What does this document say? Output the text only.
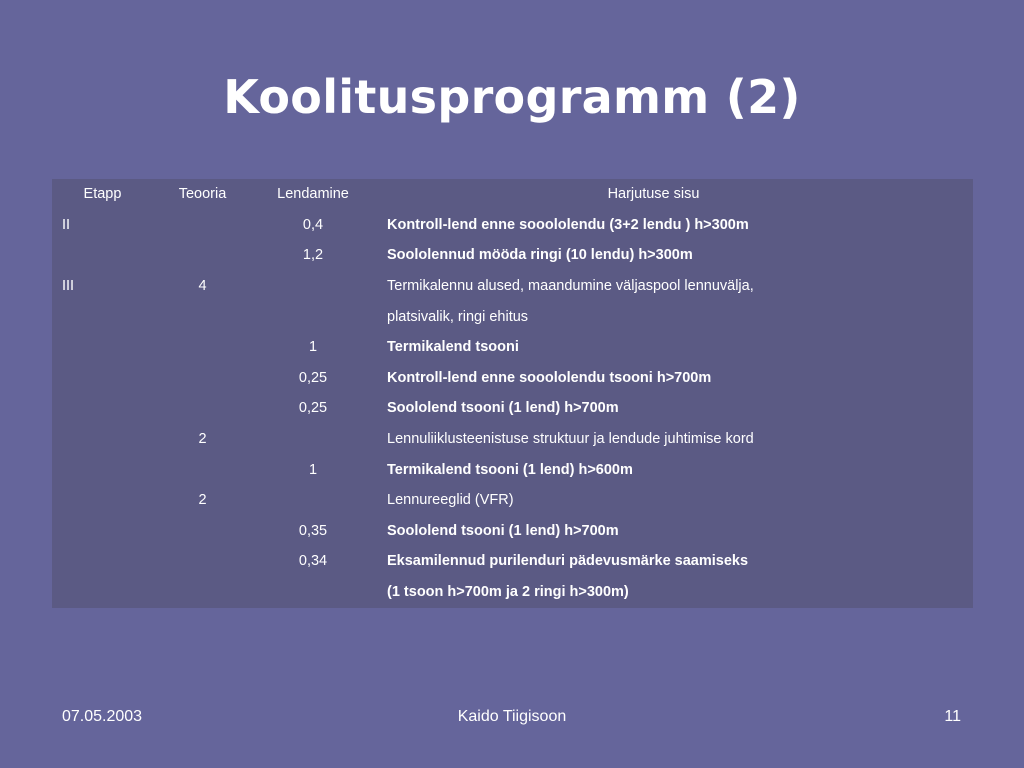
Koolitusprogramm (2)
Etapp	Teooria	Lendamine	Harjutuse sisu
II		0,4	Kontroll-lend enne sooololendu (3+2 lendu ) h>300m
		1,2	Soololennud mööda ringi (10 lendu) h>300m
III	4		Termikalennu alused, maandumine väljaspool lennuvälja,
			platsivalik, ringi ehitus
		1	Termikalend tsooni
		0,25	Kontroll-lend enne sooololendu tsooni h>700m
		0,25	Soololend tsooni (1 lend) h>700m
	2		Lennuliiklusteenistuse struktuur ja lendude juhtimise kord
		1	Termikalend tsooni (1 lend) h>600m
	2		Lennureeglid (VFR)
		0,35	Soololend tsooni (1 lend) h>700m
		0,34	Eksamilennud purilenduri pädevusmärke saamiseks
			(1 tsoon h>700m ja 2 ringi h>300m)
07.05.2003	Kaido Tiigisoon	11
